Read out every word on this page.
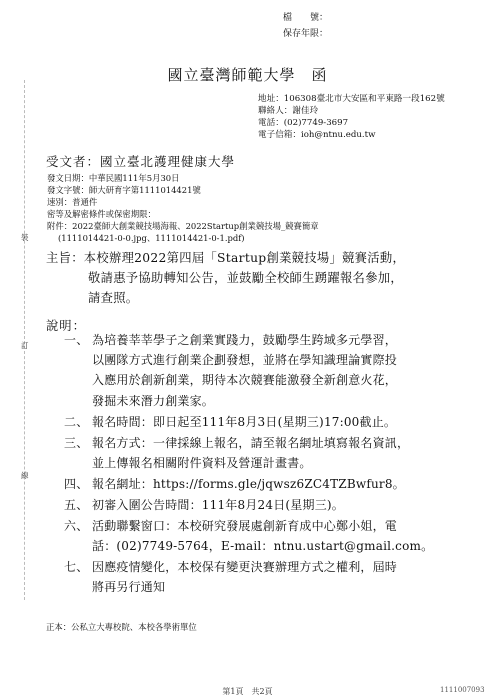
裝
訂
線
檔　　號：
保存年限：
國立臺灣師範大學　函
地址：106308臺北市大安區和平東路一段162號
聯絡人：謝佳玲
電話：(02)7749-3697
電子信箱：ioh@ntnu.edu.tw
受文者：國立臺北護理健康大學
發文日期：中華民國111年5月30日
發文字號：師大研育字第1111014421號
速別：普通件
密等及解密條件或保密期限：
附件：2022臺師大創業競技場海報、2022Startup創業競技場_競賽簡章
(1111014421-0-0.jpg、1111014421-0-1.pdf)
主旨：本校辦理2022第四屆「Startup創業競技場」競賽活動，
敬請惠予協助轉知公告，並鼓勵全校師生踴躍報名參加，
請查照。
說明：
一、 為培養莘莘學子之創業實踐力，鼓勵學生跨域多元學習，
以團隊方式進行創業企劃發想，並將在學知識理論實際投
入應用於創新創業，期待本次競賽能激發全新創意火花，
發掘未來潛力創業家。
二、 報名時間：即日起至111年8月3日(星期三)17:00截止。
三、 報名方式：一律採線上報名，請至報名網址填寫報名資訊，
並上傳報名相關附件資料及營運計畫書。
四、 報名網址：https://forms.gle/jqwsz6ZC4TZBwfur8。
五、 初審入圍公告時間：111年8月24日(星期三)。
六、 活動聯繫窗口：本校研究發展處創新育成中心鄭小姐，電
話：(02)7749-5764，E-mail：ntnu.ustart@gmail.com。
七、 因應疫情變化，本校保有變更決賽辦理方式之權利，屆時
將再另行通知
正本：公私立大專校院、本校各學術單位
第1頁　共2頁	1111007093
